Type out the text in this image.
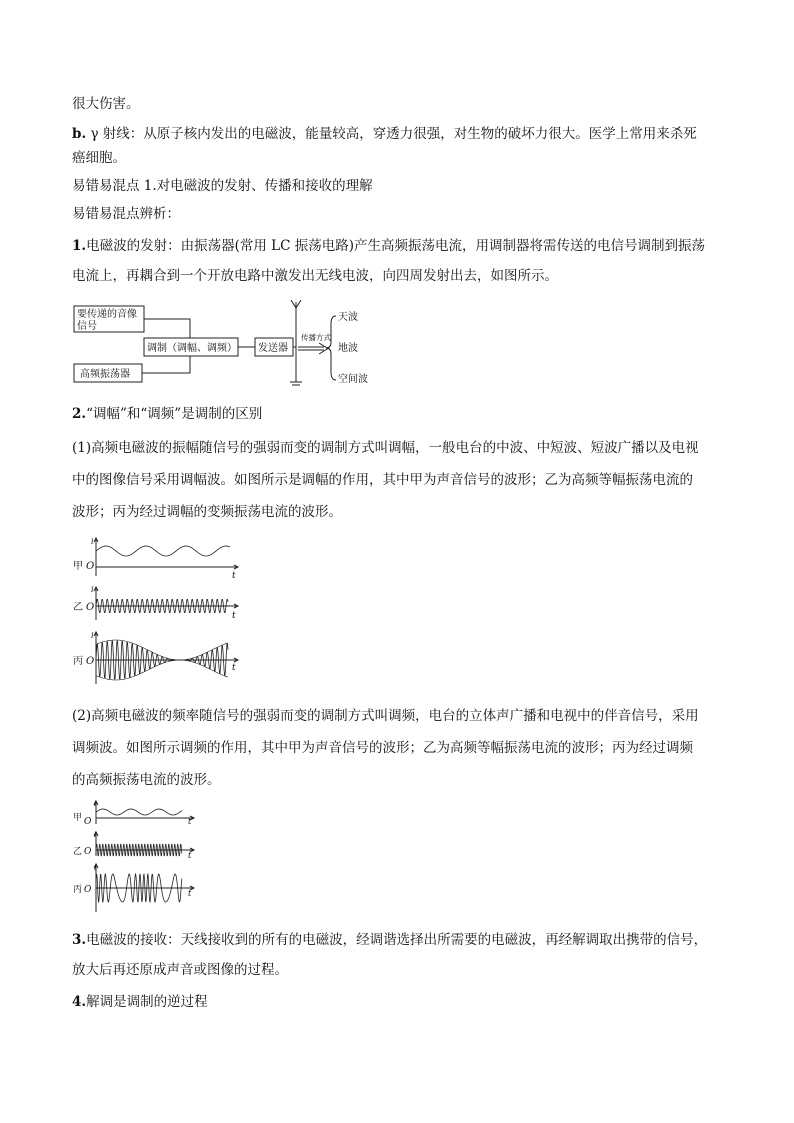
很大伤害。
b. γ 射线：从原子核内发出的电磁波，能量较高，穿透力很强，对生物的破坏力很大。医学上常用来杀死
癌细胞。
易错易混点 1.对电磁波的发射、传播和接收的理解
易错易混点辨析：
1.电磁波的发射：由振荡器(常用 LC 振荡电路)产生高频振荡电流，用调制器将需传送的电信号调制到振荡
电流上，再耦合到一个开放电路中激发出无线电波，向四周发射出去，如图所示。
要传递的音像
信号
调制（调幅、调频）
高频振荡器
发送器
传播方式
天波
地波
空间波
2.“调幅”和“调频”是调制的区别
(1)高频电磁波的振幅随信号的强弱而变的调制方式叫调幅，一般电台的中波、中短波、短波广播以及电视
中的图像信号采用调幅波。如图所示是调幅的作用，其中甲为声音信号的波形；乙为高频等幅振荡电流的
波形；丙为经过调幅的变频振荡电流的波形。
甲 O
i
t
乙 O
i
t
丙 O
i
t
(2)高频电磁波的频率随信号的强弱而变的调制方式叫调频，电台的立体声广播和电视中的伴音信号，采用
调频波。如图所示调频的作用，其中甲为声音信号的波形；乙为高频等幅振荡电流的波形；丙为经过调频
的高频振荡电流的波形。
甲 O
i
t
乙 O
i
t
丙 O
i
t
3.电磁波的接收：天线接收到的所有的电磁波，经调谐选择出所需要的电磁波，再经解调取出携带的信号，
放大后再还原成声音或图像的过程。
4.解调是调制的逆过程
